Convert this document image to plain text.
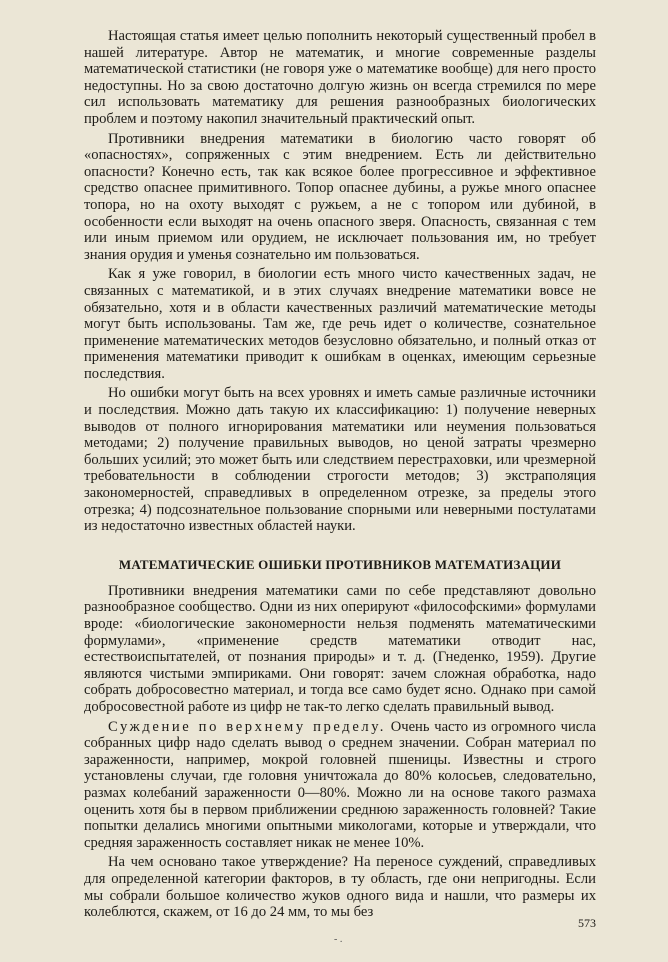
Настоящая статья имеет целью пополнить некоторый существенный пробел в нашей литературе. Автор не математик, и многие современные разделы математической статистики (не говоря уже о математике вообще) для него просто недоступны. Но за свою достаточно долгую жизнь он всегда стремился по мере сил использовать математику для решения разнообразных биологических проблем и поэтому накопил значительный практический опыт.

Противники внедрения математики в биологию часто говорят об «опасностях», сопряженных с этим внедрением. Есть ли действительно опасности? Конечно есть, так как всякое более прогрессивное и эффективное средство опаснее примитивного. Топор опаснее дубины, а ружье много опаснее топора, но на охоту выходят с ружьем, а не с топором или дубиной, в особенности если выходят на очень опасного зверя. Опасность, связанная с тем или иным приемом или орудием, не исключает пользования им, но требует знания орудия и уменья сознательно им пользоваться.

Как я уже говорил, в биологии есть много чисто качественных задач, не связанных с математикой, и в этих случаях внедрение математики вовсе не обязательно, хотя и в области качественных различий математические методы могут быть использованы. Там же, где речь идет о количестве, сознательное применение математических методов безусловно обязательно, и полный отказ от применения математики приводит к ошибкам в оценках, имеющим серьезные последствия.

Но ошибки могут быть на всех уровнях и иметь самые различные источники и последствия. Можно дать такую их классификацию: 1) получение неверных выводов от полного игнорирования математики или неумения пользоваться методами; 2) получение правильных выводов, но ценой затраты чрезмерно больших усилий; это может быть или следствием перестраховки, или чрезмерной требовательности в соблюдении строгости методов; 3) экстраполяция закономерностей, справедливых в определенном отрезке, за пределы этого отрезка; 4) подсознательное пользование спорными или неверными постулатами из недостаточно известных областей науки.

МАТЕМАТИЧЕСКИЕ ОШИБКИ ПРОТИВНИКОВ МАТЕМАТИЗАЦИИ

Противники внедрения математики сами по себе представляют довольно разнообразное сообщество. Одни из них оперируют «философскими» формулами вроде: «биологические закономерности нельзя подменять математическими формулами», «применение средств математики отводит нас, естествоиспытателей, от познания природы» и т. д. (Гнеденко, 1959). Другие являются чистыми эмпириками. Они говорят: зачем сложная обработка, надо собрать добросовестно материал, и тогда все само будет ясно. Однако при самой добросовестной работе из цифр не так-то легко сделать правильный вывод.

Суждение по верхнему пределу. Очень часто из огромного числа собранных цифр надо сделать вывод о среднем значении. Собран материал по зараженности, например, мокрой головней пшеницы. Известны и строго установлены случаи, где головня уничтожала до 80% колосьев, следовательно, размах колебаний зараженности 0—80%. Можно ли на основе такого размаха оценить хотя бы в первом приближении среднюю зараженность головней? Такие попытки делались многими опытными микологами, которые и утверждали, что средняя зараженность составляет никак не менее 10%.

На чем основано такое утверждение? На переносе суждений, справедливых для определенной категории факторов, в ту область, где они непригодны. Если мы собрали большое количество жуков одного вида и нашли, что размеры их колеблются, скажем, от 16 до 24 мм, то мы без

573
- .
